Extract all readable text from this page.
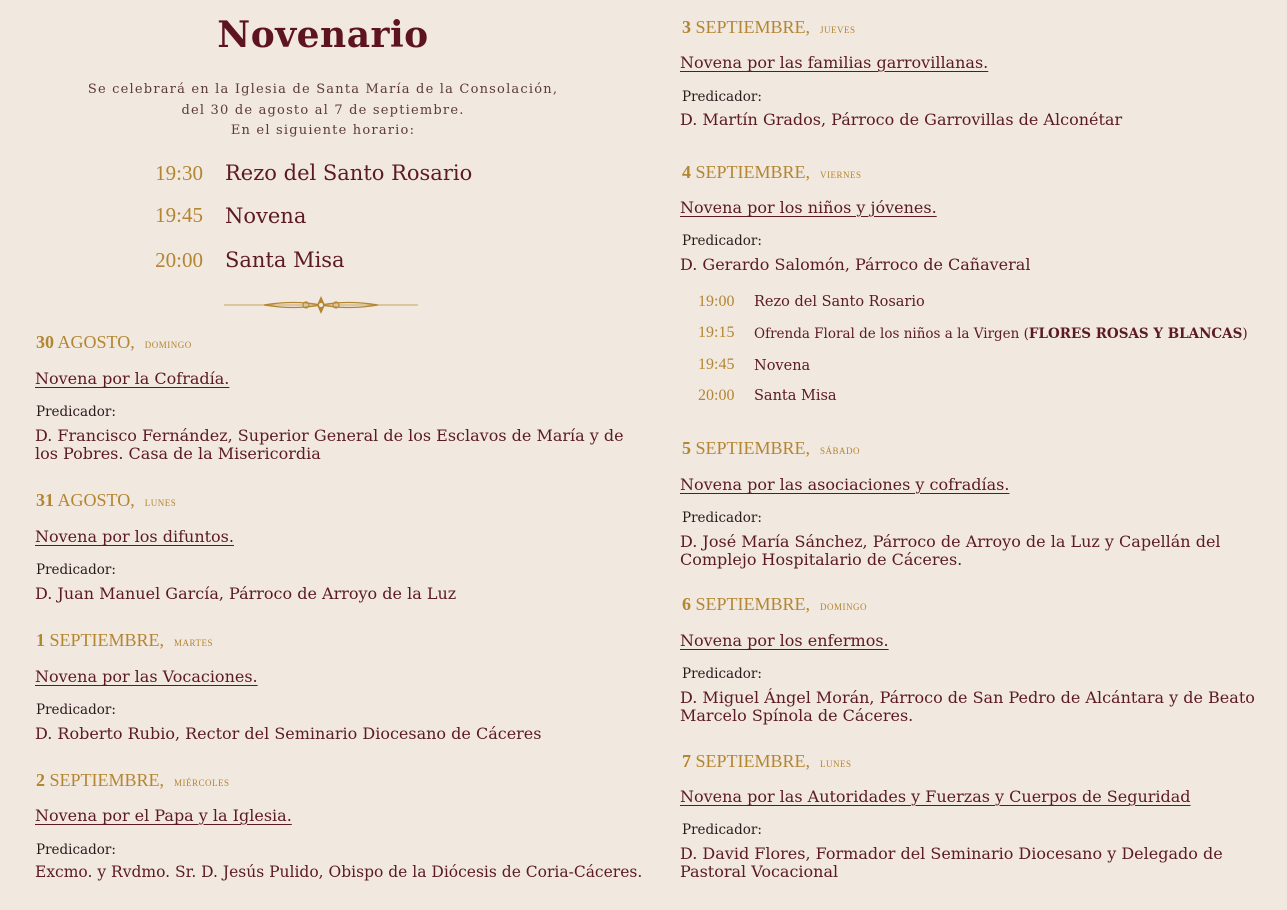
Novenario
Se celebrará en la Iglesia de Santa María de la Consolación,
del 30 de agosto al 7 de septiembre.
En el siguiente horario:
19:30 Rezo del Santo Rosario
19:45 Novena
20:00 Santa Misa
30 AGOSTO, domingo
Novena por la Cofradía.
Predicador:
D. Francisco Fernández, Superior General de los Esclavos de María y de los Pobres. Casa de la Misericordia
31 AGOSTO, lunes
Novena por los difuntos.
Predicador:
D. Juan Manuel García, Párroco de Arroyo de la Luz
1 SEPTIEMBRE, martes
Novena por las Vocaciones.
Predicador:
D. Roberto Rubio, Rector del Seminario Diocesano de Cáceres
2 SEPTIEMBRE, miércoles
Novena por el Papa y la Iglesia.
Predicador:
Excmo. y Rvdmo. Sr. D. Jesús Pulido, Obispo de la Diócesis de Coria-Cáceres.
3 SEPTIEMBRE, jueves
Novena por las familias garrovillanas.
Predicador:
D. Martín Grados, Párroco de Garrovillas de Alconétar
4 SEPTIEMBRE, viernes
Novena por los niños y jóvenes.
Predicador:
D. Gerardo Salomón, Párroco de Cañaveral
19:00 Rezo del Santo Rosario
19:15 Ofrenda Floral de los niños a la Virgen (FLORES ROSAS Y BLANCAS)
19:45 Novena
20:00 Santa Misa
5 SEPTIEMBRE, sábado
Novena por las asociaciones y cofradías.
Predicador:
D. José María Sánchez, Párroco de Arroyo de la Luz y Capellán del Complejo Hospitalario de Cáceres.
6 SEPTIEMBRE, domingo
Novena por los enfermos.
Predicador:
D. Miguel Ángel Morán, Párroco de San Pedro de Alcántara y de Beato Marcelo Spínola de Cáceres.
7 SEPTIEMBRE, lunes
Novena por las Autoridades y Fuerzas y Cuerpos de Seguridad
Predicador:
D. David Flores, Formador del Seminario Diocesano y Delegado de Pastoral Vocacional
